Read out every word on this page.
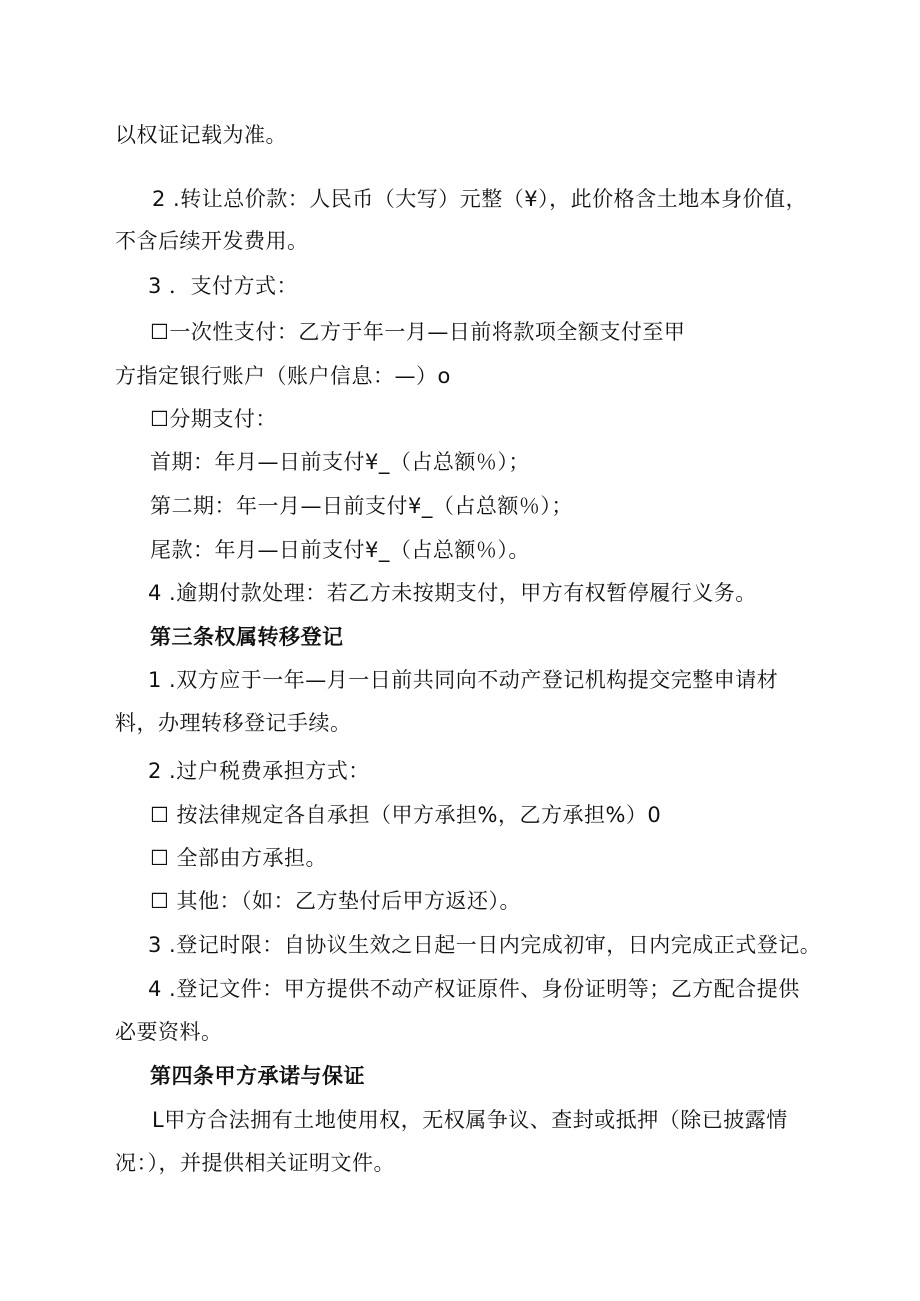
以权证记载为准。
2 .转让总价款：人民币（大写）元整（¥），此价格含土地本身价值，
不含后续开发费用。
3 ．支付方式：
☐一次性支付：乙方于年一月—日前将款项全额支付至甲
方指定银行账户（账户信息：—）o
☐分期支付：
首期：年月—日前支付¥_（占总额％）；
第二期：年一月—日前支付¥_（占总额％）；
尾款：年月—日前支付¥_（占总额％）。
4 .逾期付款处理：若乙方未按期支付，甲方有权暂停履行义务。
第三条权属转移登记
1 .双方应于一年—月一日前共同向不动产登记机构提交完整申请材
料，办理转移登记手续。
2 .过户税费承担方式：
☐ 按法律规定各自承担（甲方承担%，乙方承担%）0
☐ 全部由方承担。
☐ 其他：（如：乙方垫付后甲方返还）。
3 .登记时限：自协议生效之日起一日内完成初审，日内完成正式登记。
4 .登记文件：甲方提供不动产权证原件、身份证明等；乙方配合提供
必要资料。
第四条甲方承诺与保证
L甲方合法拥有土地使用权，无权属争议、查封或抵押（除已披露情
况：），并提供相关证明文件。
